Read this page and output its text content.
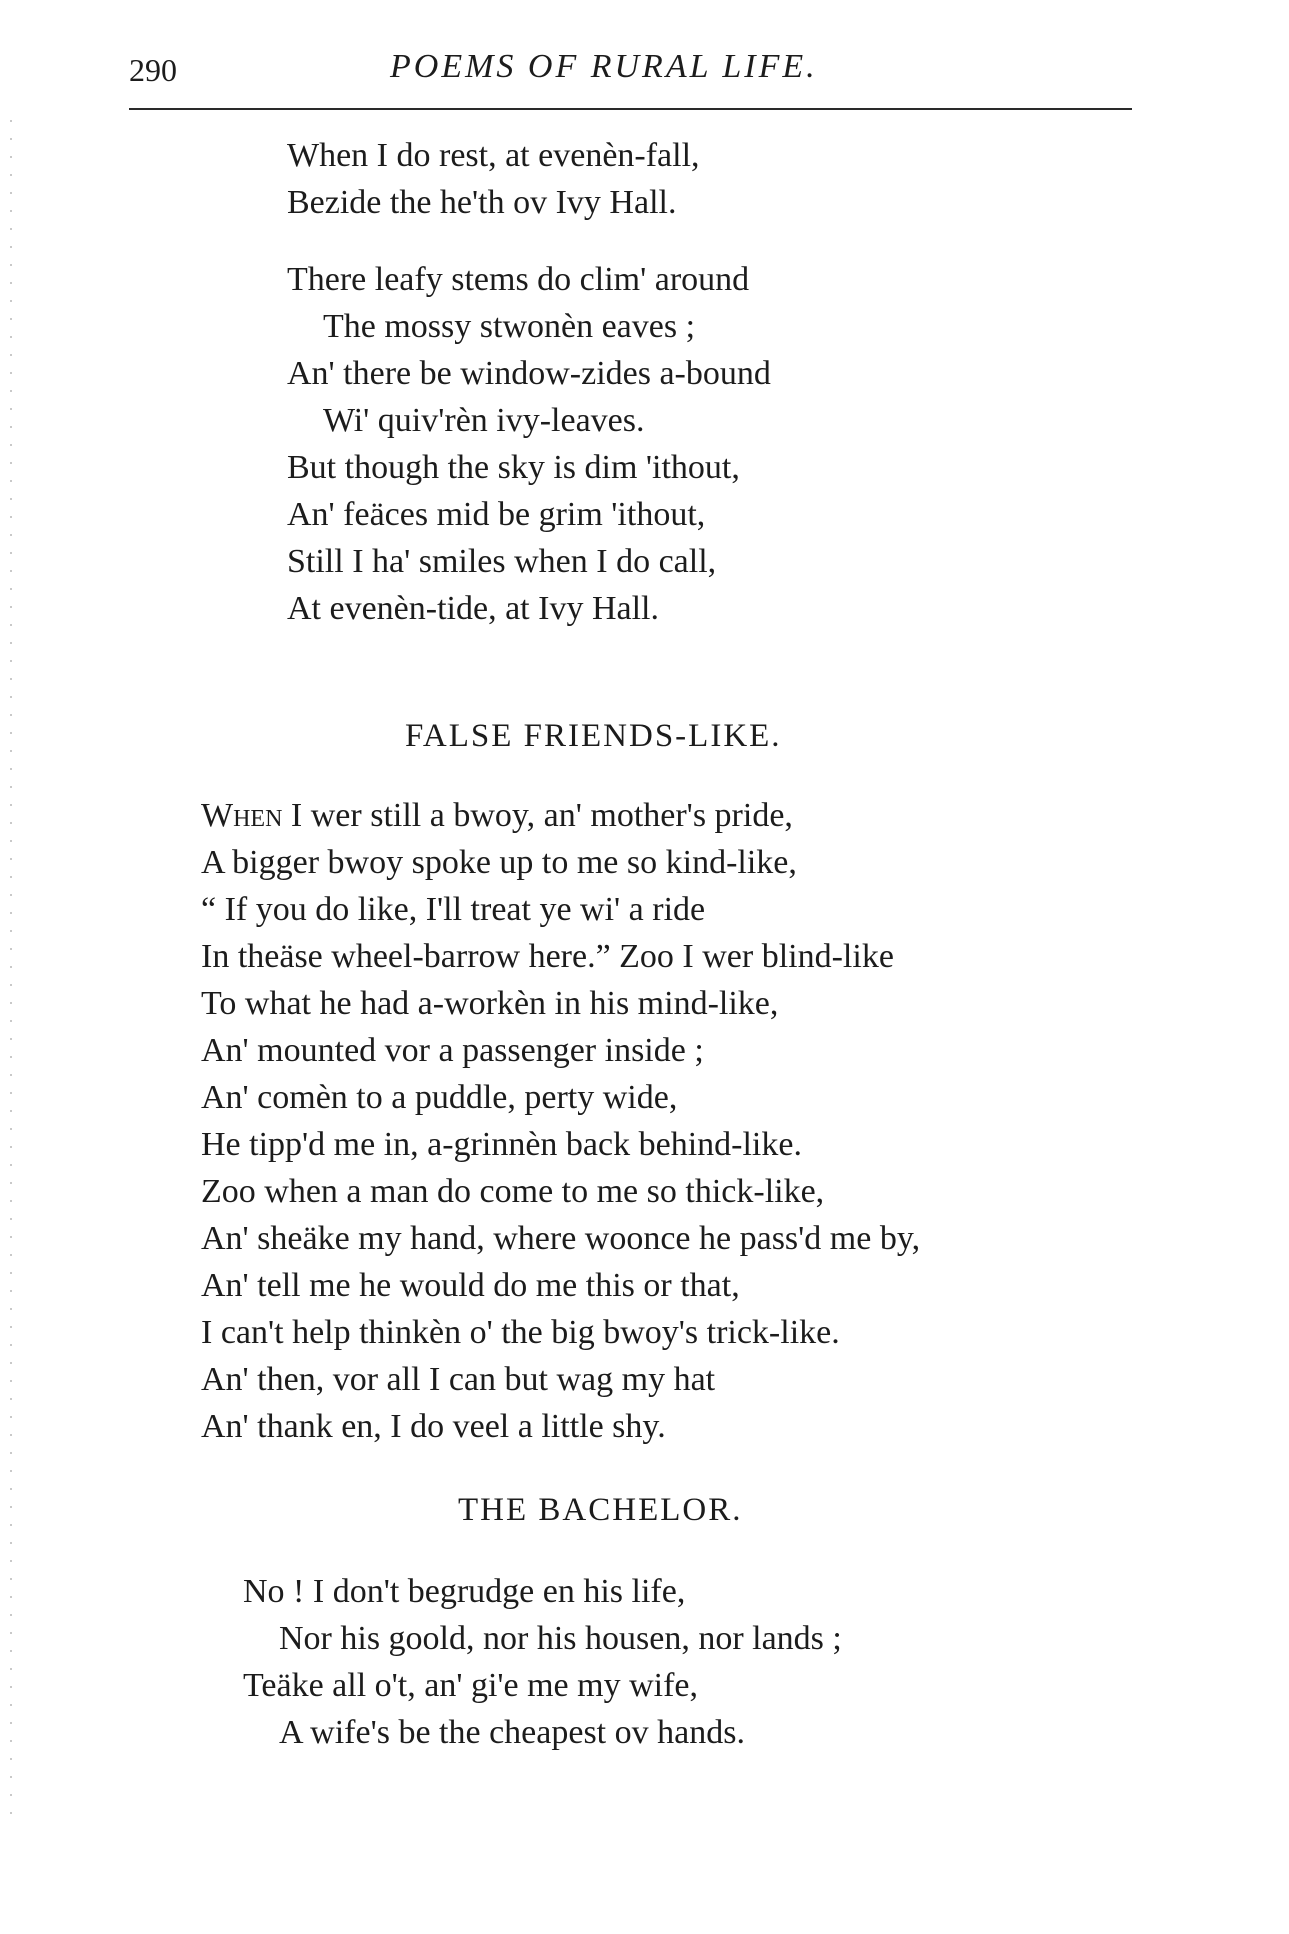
290	POEMS OF RURAL LIFE.
When I do rest, at evenèn-fall,
Bezide the he'th ov Ivy Hall.
There leafy stems do clim' around
The mossy stwonèn eaves ;
An' there be window-zides a-bound
Wi' quiv'rèn ivy-leaves.
But though the sky is dim 'ithout,
An' feäces mid be grim 'ithout,
Still I ha' smiles when I do call,
At evenèn-tide, at Ivy Hall.
FALSE FRIENDS-LIKE.
When I wer still a bwoy, an' mother's pride,
A bigger bwoy spoke up to me so kind-like,
“ If you do like, I'll treat ye wi' a ride
In theäse wheel-barrow here.” Zoo I wer blind-like
To what he had a-workèn in his mind-like,
An' mounted vor a passenger inside ;
An' comèn to a puddle, perty wide,
He tipp'd me in, a-grinnèn back behind-like.
Zoo when a man do come to me so thick-like,
An' sheäke my hand, where woonce he pass'd me by,
An' tell me he would do me this or that,
I can't help thinkèn o' the big bwoy's trick-like.
An' then, vor all I can but wag my hat
An' thank en, I do veel a little shy.
THE BACHELOR.
No ! I don't begrudge en his life,
Nor his goold, nor his housen, nor lands ;
Teäke all o't, an' gi'e me my wife,
A wife's be the cheapest ov hands.
